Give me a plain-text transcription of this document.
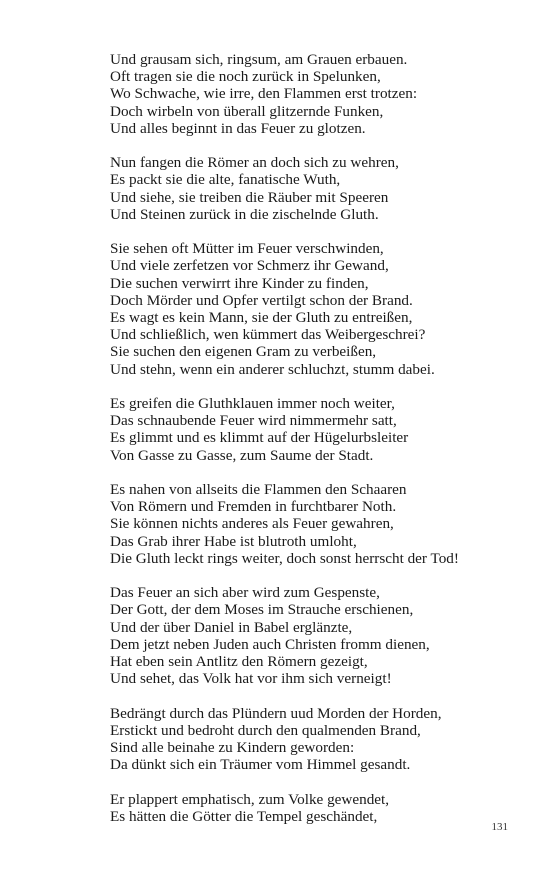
Und grausam sich, ringsum, am Grauen erbauen.
Oft tragen sie die noch zurück in Spelunken,
Wo Schwache, wie irre, den Flammen erst trotzen:
Doch wirbeln von überall glitzernde Funken,
Und alles beginnt in das Feuer zu glotzen.
Nun fangen die Römer an doch sich zu wehren,
Es packt sie die alte, fanatische Wuth,
Und siehe, sie treiben die Räuber mit Speeren
Und Steinen zurück in die zischelnde Gluth.
Sie sehen oft Mütter im Feuer verschwinden,
Und viele zerfetzen vor Schmerz ihr Gewand,
Die suchen verwirrt ihre Kinder zu finden,
Doch Mörder und Opfer vertilgt schon der Brand.
Es wagt es kein Mann, sie der Gluth zu entreißen,
Und schließlich, wen kümmert das Weibergeschrei?
Sie suchen den eigenen Gram zu verbeißen,
Und stehn, wenn ein anderer schluchzt, stumm dabei.
Es greifen die Gluthklauen immer noch weiter,
Das schnaubende Feuer wird nimmermehr satt,
Es glimmt und es klimmt auf der Hügelurbsleiter
Von Gasse zu Gasse, zum Saume der Stadt.
Es nahen von allseits die Flammen den Schaaren
Von Römern und Fremden in furchtbarer Noth.
Sie können nichts anderes als Feuer gewahren,
Das Grab ihrer Habe ist blutroth umloht,
Die Gluth leckt rings weiter, doch sonst herrscht der Tod!
Das Feuer an sich aber wird zum Gespenste,
Der Gott, der dem Moses im Strauche erschienen,
Und der über Daniel in Babel erglänzte,
Dem jetzt neben Juden auch Christen fromm dienen,
Hat eben sein Antlitz den Römern gezeigt,
Und sehet, das Volk hat vor ihm sich verneigt!
Bedrängt durch das Plündern uud Morden der Horden,
Erstickt und bedroht durch den qualmenden Brand,
Sind alle beinahe zu Kindern geworden:
Da dünkt sich ein Träumer vom Himmel gesandt.
Er plappert emphatisch, zum Volke gewendet,
Es hätten die Götter die Tempel geschändet,
131
